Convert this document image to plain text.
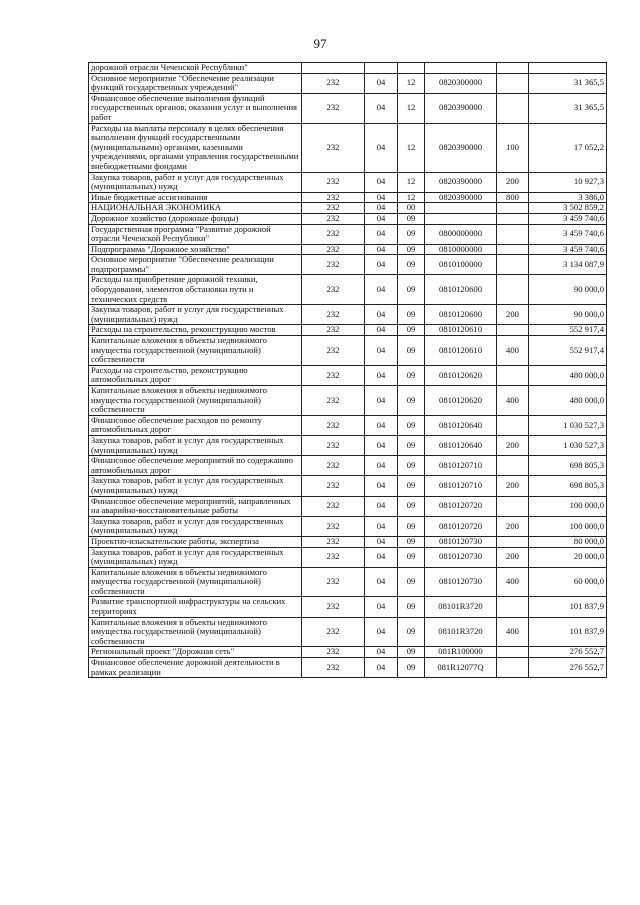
97
дорожной отрасли Чеченской Республики"						
Основное мероприятие "Обеспечение реализации функций государственных учреждений"	232	04	12	0820300000		31 365,5
Финансовое обеспечение выполнения функций государственных органов, оказания услуг и выполнения работ	232	04	12	0820390000		31 365,5
Расходы на выплаты персоналу в целях обеспечения выполнения функций государственными (муниципальными) органами, казенными учреждениями, органами управления государственными внебюджетными фондами	232	04	12	0820390000	100	17 052,2
Закупка товаров, работ и услуг для государственных (муниципальных) нужд	232	04	12	0820390000	200	10 927,3
Иные бюджетные ассигнования	232	04	12	0820390000	800	3 386,0
НАЦИОНАЛЬНАЯ ЭКОНОМИКА	232	04	00			3 502 859,2
Дорожное хозяйство (дорожные фонды)	232	04	09			3 459 740,6
Государственная программа "Развитие дорожной отрасли Чеченской Республики"	232	04	09	0800000000		3 459 740,6
Подпрограмма "Дорожное хозяйство"	232	04	09	0810000000		3 459 740,6
Основное мероприятие "Обеспечение реализации подпрограммы"	232	04	09	0810100000		3 134 087,9
Расходы на приобретение дорожной техники, оборудования, элементов обстановки пути и технических средств	232	04	09	0810120600		90 000,0
Закупка товаров, работ и услуг для государственных (муниципальных) нужд	232	04	09	0810120600	200	90 000,0
Расходы на строительство, реконструкцию мостов	232	04	09	0810120610		552 917,4
Капитальные вложения в объекты недвижимого имущества государственной (муниципальной) собственности	232	04	09	0810120610	400	552 917,4
Расходы на строительство, реконструкцию автомобильных дорог	232	04	09	0810120620		480 000,0
Капитальные вложения в объекты недвижимого имущества государственной (муниципальной) собственности	232	04	09	0810120620	400	480 000,0
Финансовое обеспечение расходов по ремонту автомобильных дорог	232	04	09	0810120640		1 030 527,3
Закупка товаров, работ и услуг для государственных (муниципальных) нужд	232	04	09	0810120640	200	1 030 527,3
Финансовое обеспечение мероприятий по содержанию автомобильных дорог	232	04	09	0810120710		698 805,3
Закупка товаров, работ и услуг для государственных (муниципальных) нужд	232	04	09	0810120710	200	698 805,3
Финансовое обеспечение мероприятий, направленных на аварийно-восстановительные работы	232	04	09	0810120720		100 000,0
Закупка товаров, работ и услуг для государственных (муниципальных) нужд	232	04	09	0810120720	200	100 000,0
Проектно-изыскательские работы, экспертиза	232	04	09	0810120730		80 000,0
Закупка товаров, работ и услуг для государственных (муниципальных) нужд	232	04	09	0810120730	200	20 000,0
Капитальные вложения в объекты недвижимого имущества государственной (муниципальной) собственности	232	04	09	0810120730	400	60 000,0
Развитие транспортной инфраструктуры на сельских территориях	232	04	09	08101R3720		101 837,9
Капитальные вложения в объекты недвижимого имущества государственной (муниципальной) собственности	232	04	09	08101R3720	400	101 837,9
Региональный проект "Дорожная сеть"	232	04	09	081R100000		276 552,7
Финансовое обеспечение дорожной деятельности в рамках реализации	232	04	09	081R12077Q		276 552,7
